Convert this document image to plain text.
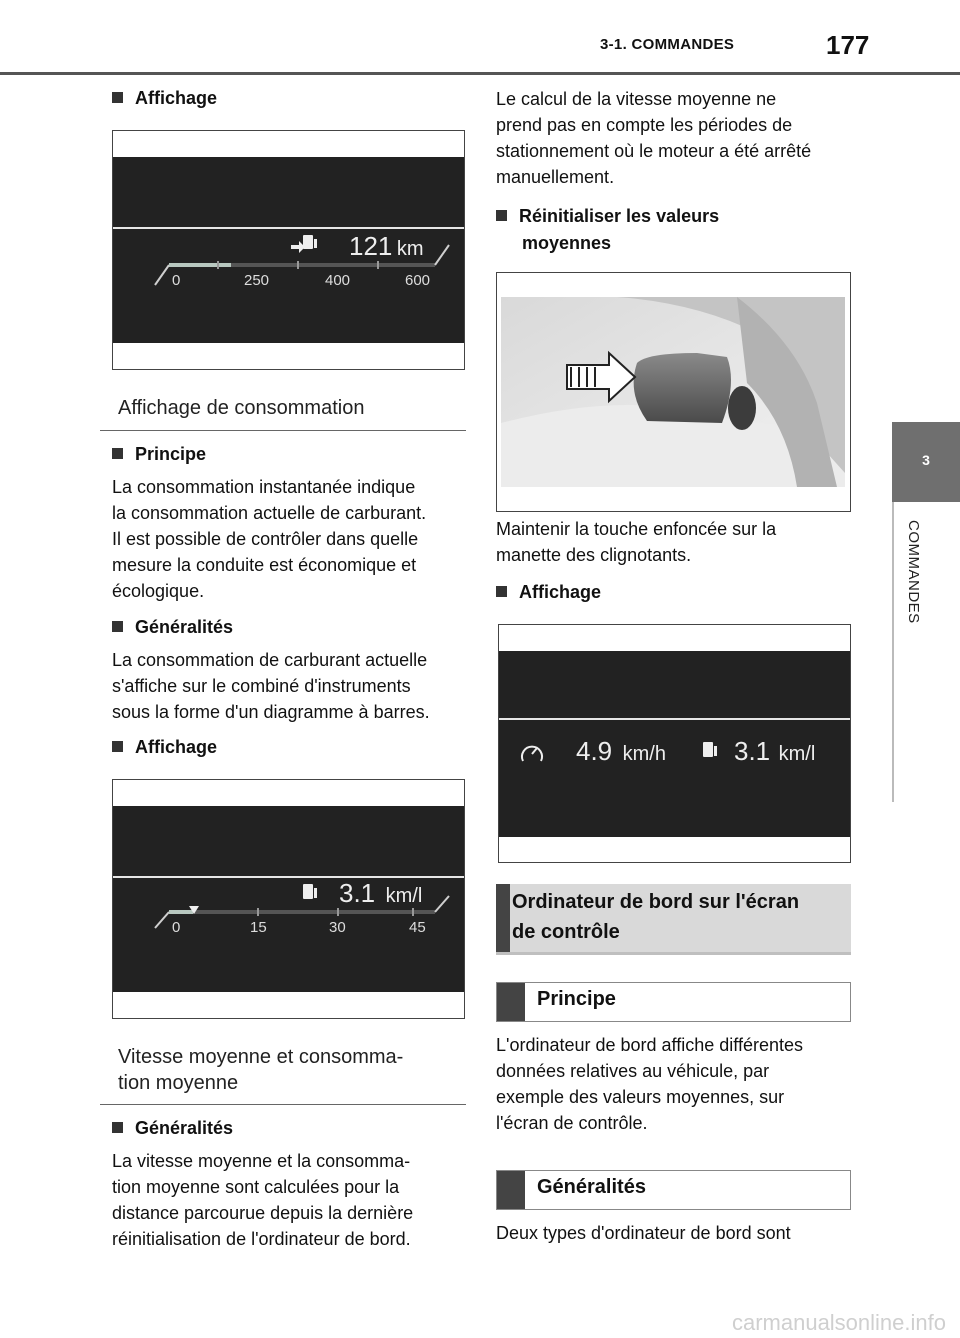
3-1. COMMANDES	177
3
COMMANDES
Affichage
121 km
0	250	400	600
Affichage de consommation
Principe
La consommation instantanée indique
la consommation actuelle de carburant.
Il est possible de contrôler dans quelle
mesure la conduite est économique et
écologique.
Généralités
La consommation de carburant actuelle
s'affiche sur le combiné d'instruments
sous la forme d'un diagramme à barres.
Affichage
3.1 km/l
0	15	30	45
Vitesse moyenne et consomma-
tion moyenne
Généralités
La vitesse moyenne et la consomma-
tion moyenne sont calculées pour la
distance parcourue depuis la dernière
réinitialisation de l'ordinateur de bord.
Le calcul de la vitesse moyenne ne
prend pas en compte les périodes de
stationnement où le moteur a été arrêté
manuellement.
Réinitialiser les valeurs
moyennes
Maintenir la touche enfoncée sur la
manette des clignotants.
Affichage
4.9 km/h	3.1 km/l
Ordinateur de bord sur l'écran
de contrôle
Principe
L'ordinateur de bord affiche différentes
données relatives au véhicule, par
exemple des valeurs moyennes, sur
l'écran de contrôle.
Généralités
Deux types d'ordinateur de bord sont
carmanualsonline.info
